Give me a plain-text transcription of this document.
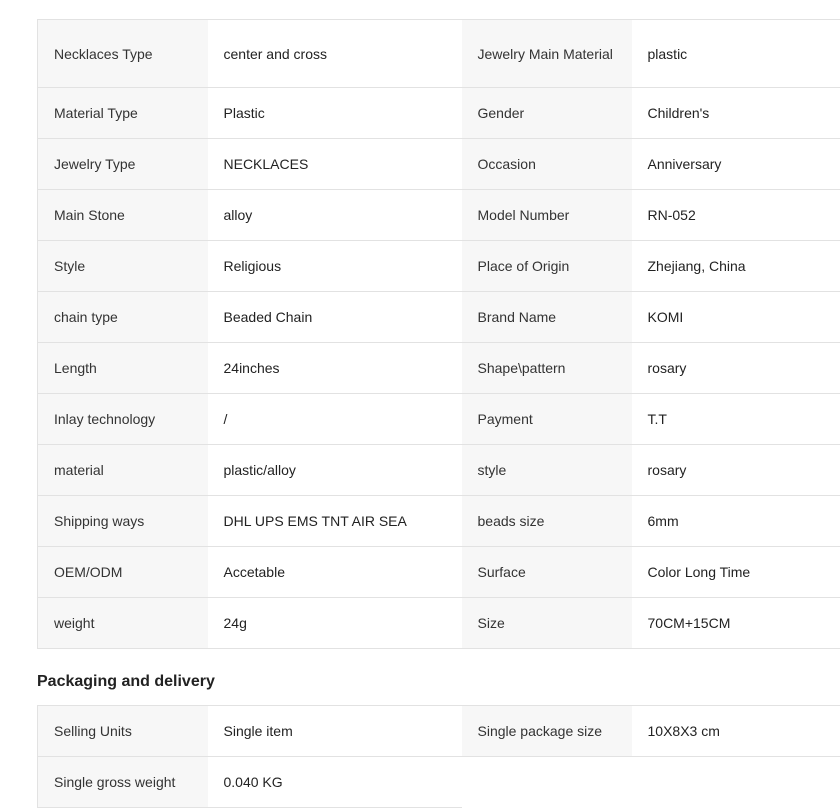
Necklaces Type	center and cross	Jewelry Main Material	plastic
Material Type	Plastic	Gender	Children's
Jewelry Type	NECKLACES	Occasion	Anniversary
Main Stone	alloy	Model Number	RN-052
Style	Religious	Place of Origin	Zhejiang, China
chain type	Beaded Chain	Brand Name	KOMI
Length	24inches	Shape\pattern	rosary
Inlay technology	/	Payment	T.T
material	plastic/alloy	style	rosary
Shipping ways	DHL UPS EMS TNT AIR SEA	beads size	6mm
OEM/ODM	Accetable	Surface	Color Long Time
weight	24g	Size	70CM+15CM
Packaging and delivery
Selling Units	Single item	Single package size	10X8X3 cm
Single gross weight	0.040 KG		
